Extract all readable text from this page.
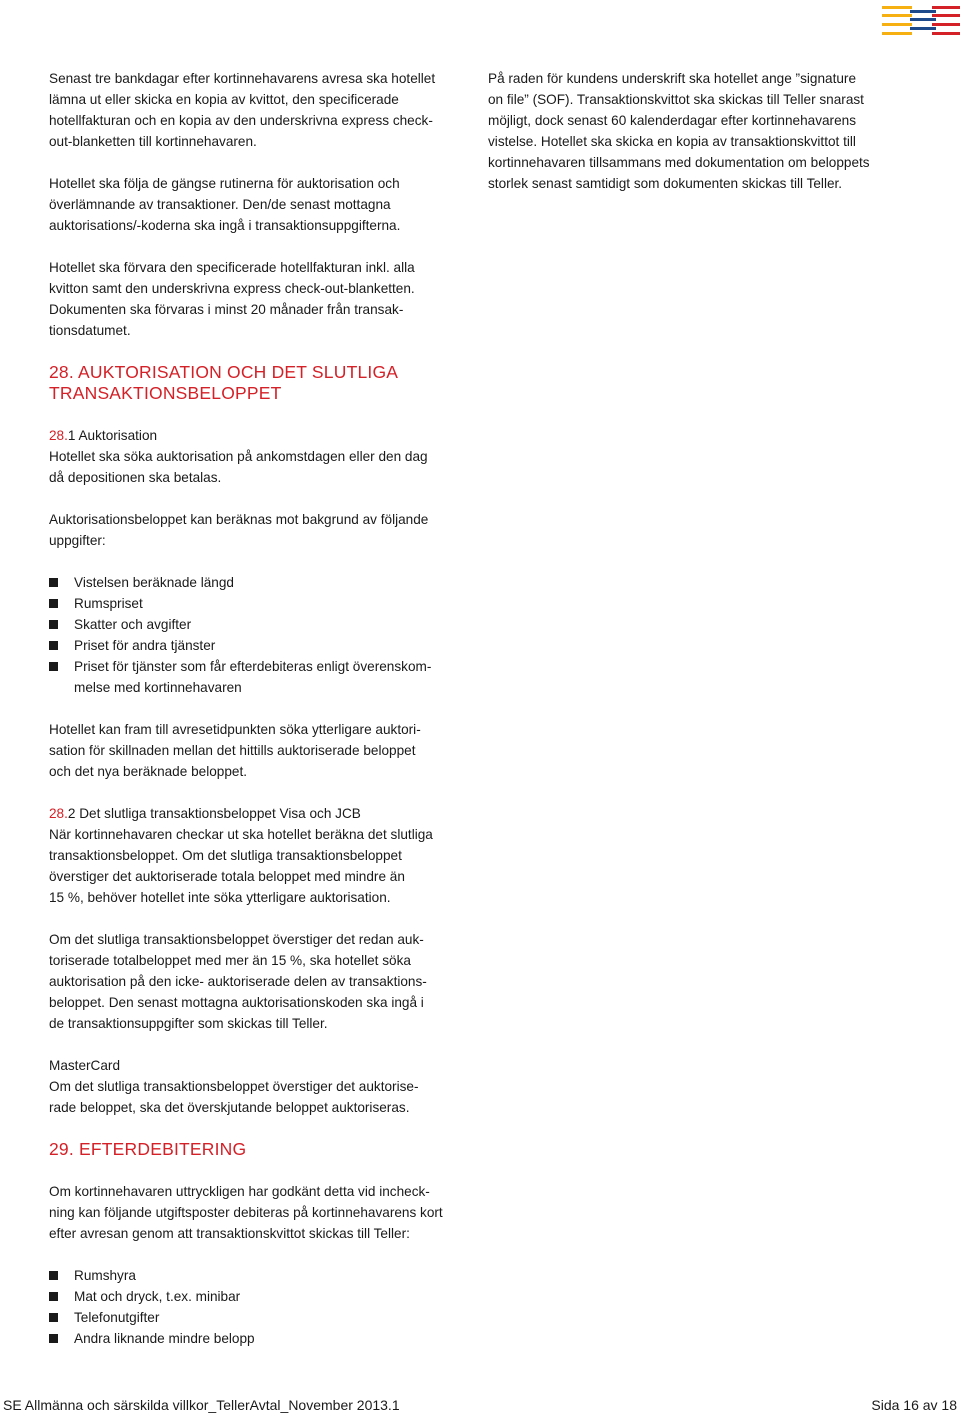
Senast tre bankdagar efter kortinnehavarens avresa ska hotellet
lämna ut eller skicka en kopia av kvittot, den specificerade
hotellfakturan och en kopia av den underskrivna express check-
out-blanketten till kortinnehavaren.

Hotellet ska följa de gängse rutinerna för auktorisation och
överlämnande av transaktioner. Den/de senast mottagna
auktorisations/-koderna ska ingå i transaktionsuppgifterna.

Hotellet ska förvara den specificerade hotellfakturan inkl. alla
kvitton samt den underskrivna express check-out-blanketten.
Dokumenten ska förvaras i minst 20 månader från transak-
tionsdatumet.

28. AUKTORISATION OCH DET SLUTLIGA
TRANSAKTIONSBELOPPET

28.1 Auktorisation

Hotellet ska söka auktorisation på ankomstdagen eller den dag
då depositionen ska betalas.

Auktorisationsbeloppet kan beräknas mot bakgrund av följande
uppgifter:

Vistelsen beräknade längd
Rumspriset
Skatter och avgifter
Priset för andra tjänster
Priset för tjänster som får efterdebiteras enligt överenskom-
melse med kortinnehavaren

Hotellet kan fram till avresetidpunkten söka ytterligare auktori-
sation för skillnaden mellan det hittills auktoriserade beloppet
och det nya beräknade beloppet.

28.2 Det slutliga transaktionsbeloppet Visa och JCB

När kortinnehavaren checkar ut ska hotellet beräkna det slutliga
transaktionsbeloppet. Om det slutliga transaktionsbeloppet
överstiger det auktoriserade totala beloppet med mindre än
15 %, behöver hotellet inte söka ytterligare auktorisation.

Om det slutliga transaktionsbeloppet överstiger det redan auk-
toriserade totalbeloppet med mer än 15 %, ska hotellet söka
auktorisation på den icke- auktoriserade delen av transaktions-
beloppet. Den senast mottagna auktorisationskoden ska ingå i
de transaktionsuppgifter som skickas till Teller.

MasterCard

Om det slutliga transaktionsbeloppet överstiger det auktorise-
rade beloppet, ska det överskjutande beloppet auktoriseras.

29. EFTERDEBITERING

Om kortinnehavaren uttryckligen har godkänt detta vid incheck-
ning kan följande utgiftsposter debiteras på kortinnehavarens kort
efter avresan genom att transaktionskvittot skickas till Teller:

Rumshyra
Mat och dryck, t.ex. minibar
Telefonutgifter
Andra liknande mindre belopp

På raden för kundens underskrift ska hotellet ange ”signature
on file” (SOF). Transaktionskvittot ska skickas till Teller snarast
möjligt, dock senast 60 kalenderdagar efter kortinnehavarens
vistelse. Hotellet ska skicka en kopia av transaktionskvittot till
kortinnehavaren tillsammans med dokumentation om beloppets
storlek senast samtidigt som dokumenten skickas till Teller.

SE Allmänna och särskilda villkor_TellerAvtal_November 2013.1	Sida 16 av 18
